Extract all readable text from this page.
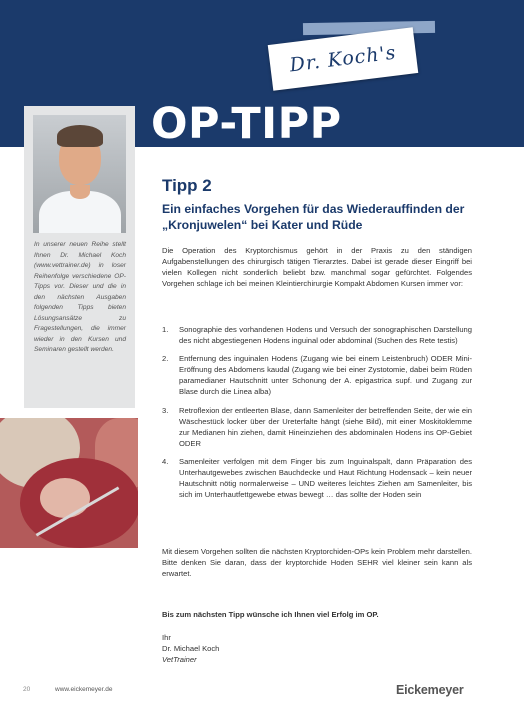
Dr. Koch's
OP-TIPP

In unserer neuen Reihe stellt Ihnen Dr. Michael Koch (www.vettrainer.de) in loser Reihenfolge verschiedene OP-Tipps vor. Dieser und die in den nächsten Ausgaben folgenden Tipps bieten Lösungsansätze zu Fragestellungen, die immer wieder in den Kursen und Seminaren gestellt werden.

Tipp 2
Ein einfaches Vorgehen für das Wiederauffinden der „Kronjuwelen“ bei Kater und Rüde

Die Operation des Kryptorchismus gehört in der Praxis zu den ständigen Aufgabenstellungen des chirurgisch tätigen Tierarztes. Dabei ist gerade dieser Eingriff bei vielen Kollegen nicht sonderlich beliebt bzw. manchmal sogar gefürchtet. Folgendes Vorgehen schlage ich bei meinen Kleintierchirurgie Kompakt Abdomen Kursen immer vor:

1. Sonographie des vorhandenen Hodens und Versuch der sonographischen Darstellung des nicht abgestiegenen Hodens inguinal oder abdominal (Suchen des Rete testis)
2. Entfernung des inguinalen Hodens (Zugang wie bei einem Leistenbruch) ODER Mini-Eröffnung des Abdomens kaudal (Zugang wie bei einer Zystotomie, dabei beim Rüden paramedianer Hautschnitt unter Schonung der A. epigastrica supf. und Zugang zur Blase durch die Linea alba)
3. Retroflexion der entleerten Blase, dann Samenleiter der betreffenden Seite, der wie ein Wäschestück locker über der Ureterfalte hängt (siehe Bild), mit einer Moskitoklemme zur Medianen hin ziehen, damit Hineinziehen des abdominalen Hodens ins OP-Gebiet ODER
4. Samenleiter verfolgen mit dem Finger bis zum Inguinalspalt, dann Präparation des Unterhautgewebes zwischen Bauchdecke und Haut Richtung Hodensack – kein neuer Hautschnitt nötig normalerweise – UND weiteres leichtes Ziehen am Samenleiter, bis sich im Unterhautfettgewebe etwas bewegt … das sollte der Hoden sein

Mit diesem Vorgehen sollten die nächsten Kryptorchiden-OPs kein Problem mehr darstellen. Bitte denken Sie daran, dass der kryptorchide Hoden SEHR viel kleiner sein kann als erwartet.

Bis zum nächsten Tipp wünsche ich Ihnen viel Erfolg im OP.

Ihr
Dr. Michael Koch
VetTrainer

20	www.eickemeyer.de	Eickemeyer
